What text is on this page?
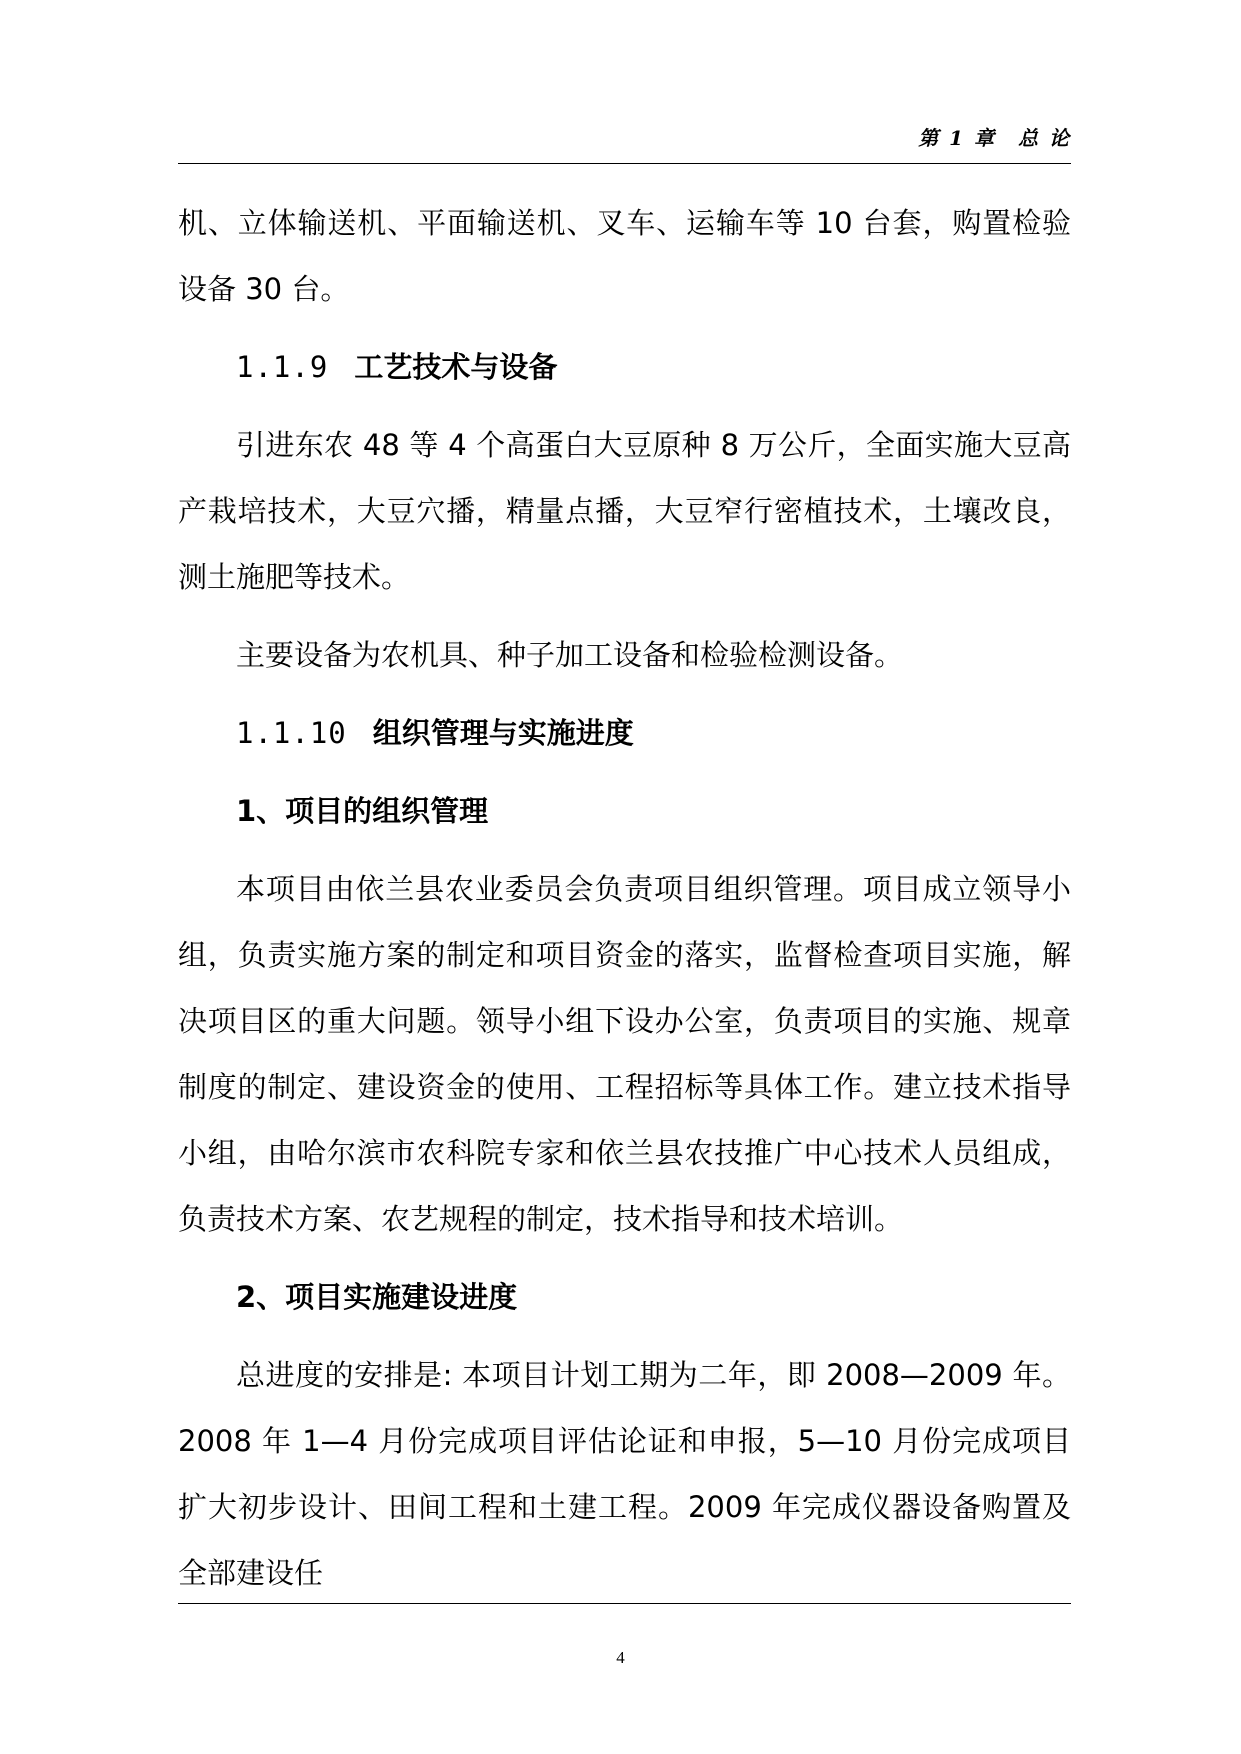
第 1 章　总 论

机、立体输送机、平面输送机、叉车、运输车等 10 台套，购置检验设备 30 台。

1.1.9 工艺技术与设备

引进东农 48 等 4 个高蛋白大豆原种 8 万公斤，全面实施大豆高产栽培技术，大豆穴播，精量点播，大豆窄行密植技术，土壤改良，测土施肥等技术。

主要设备为农机具、种子加工设备和检验检测设备。

1.1.10 组织管理与实施进度
1、项目的组织管理

本项目由依兰县农业委员会负责项目组织管理。项目成立领导小组，负责实施方案的制定和项目资金的落实，监督检查项目实施，解决项目区的重大问题。领导小组下设办公室，负责项目的实施、规章制度的制定、建设资金的使用、工程招标等具体工作。建立技术指导小组，由哈尔滨市农科院专家和依兰县农技推广中心技术人员组成，负责技术方案、农艺规程的制定，技术指导和技术培训。

2、项目实施建设进度

总进度的安排是: 本项目计划工期为二年，即 2008—2009 年。2008 年 1—4 月份完成项目评估论证和申报，5—10 月份完成项目扩大初步设计、田间工程和土建工程。2009 年完成仪器设备购置及全部建设任

4
